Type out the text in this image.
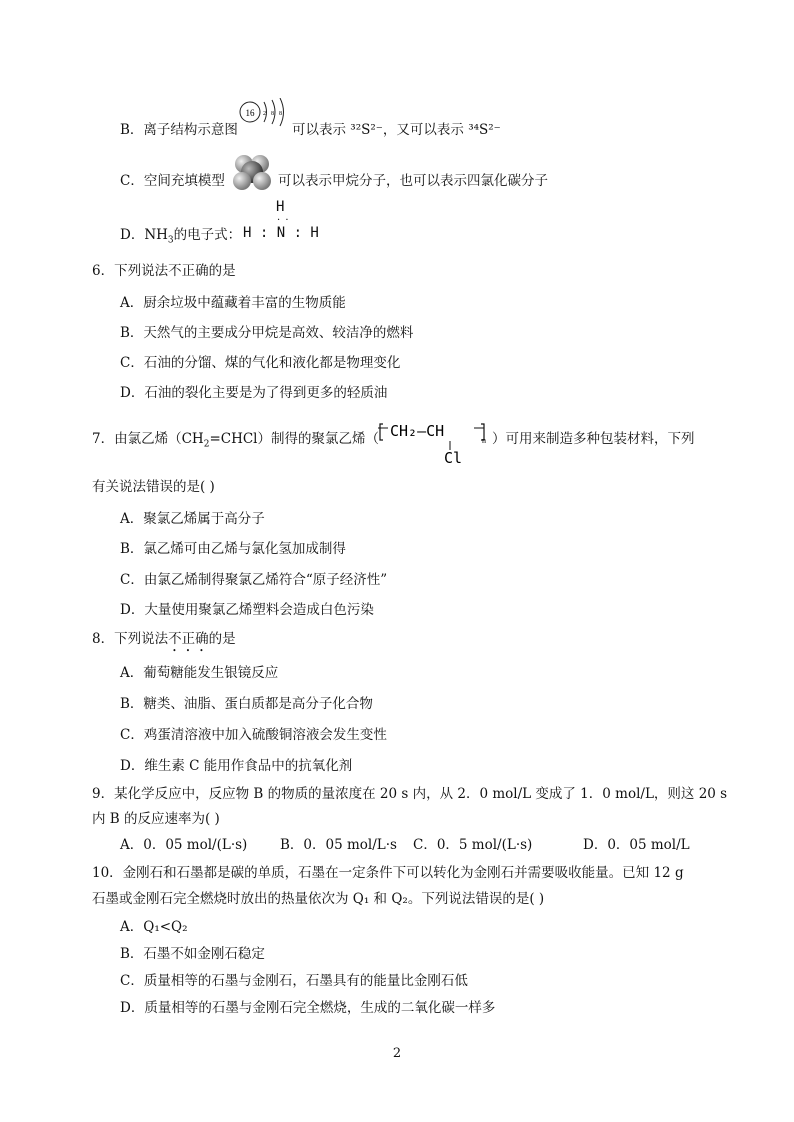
B．离子结构示意图
16 2 8 8
可以表示 ³²S²⁻，又可以表示 ³⁴S²⁻
C．空间充填模型	可以表示甲烷分子，也可以表示四氯化碳分子
D．$NH_3$的电子式：
H
· ·
H : N : H
6．下列说法不正确的是
A．厨余垃圾中蕴藏着丰富的生物质能
B．天然气的主要成分甲烷是高效、较洁净的燃料
C．石油的分馏、煤的气化和液化都是物理变化
D．石油的裂化主要是为了得到更多的轻质油
7．由氯乙烯$(CH_2=CHCl)$制得的聚氯乙烯（ CH₂—CH
n
Cl
）可用来制造多种包装材料，下列
有关说法错误的是( )
A．聚氯乙烯属于高分子
B．氯乙烯可由乙烯与氯化氢加成制得
C．由氯乙烯制得聚氯乙烯符合“原子经济性”
D．大量使用聚氯乙烯塑料会造成白色污染
8．下列说法不正确的是
A．葡萄糖能发生银镜反应
B．糖类、油脂、蛋白质都是高分子化合物
C．鸡蛋清溶液中加入硫酸铜溶液会发生变性
D．维生素 C 能用作食品中的抗氧化剂
9．某化学反应中，反应物 B 的物质的量浓度在 20 s 内，从 2．0 mol/L 变成了 1．0 mol/L，则这 20 s
内 B 的反应速率为( )
A．0．05 mol/(L·s) B．0．05 mol/L·s C．0．5 mol/(L·s)	D．0．05 mol/L
10．金刚石和石墨都是碳的单质，石墨在一定条件下可以转化为金刚石并需要吸收能量。已知 12 g
石墨或金刚石完全燃烧时放出的热量依次为 Q₁ 和 Q₂。下列说法错误的是( )
A．Q₁<Q₂
B．石墨不如金刚石稳定
C．质量相等的石墨与金刚石，石墨具有的能量比金刚石低
D．质量相等的石墨与金刚石完全燃烧，生成的二氧化碳一样多
2
